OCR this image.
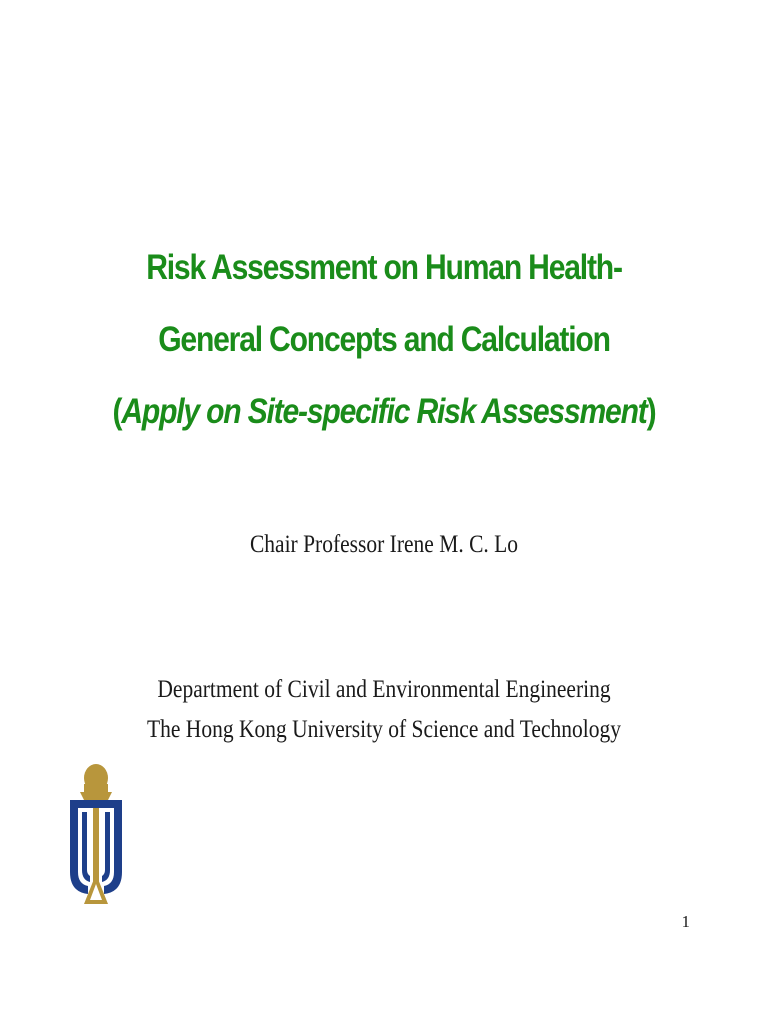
Risk Assessment on Human Health-
General Concepts and Calculation
(Apply on Site-specific Risk Assessment)
Chair Professor Irene M. C. Lo
Department of Civil and Environmental Engineering
The Hong Kong University of Science and Technology
1
